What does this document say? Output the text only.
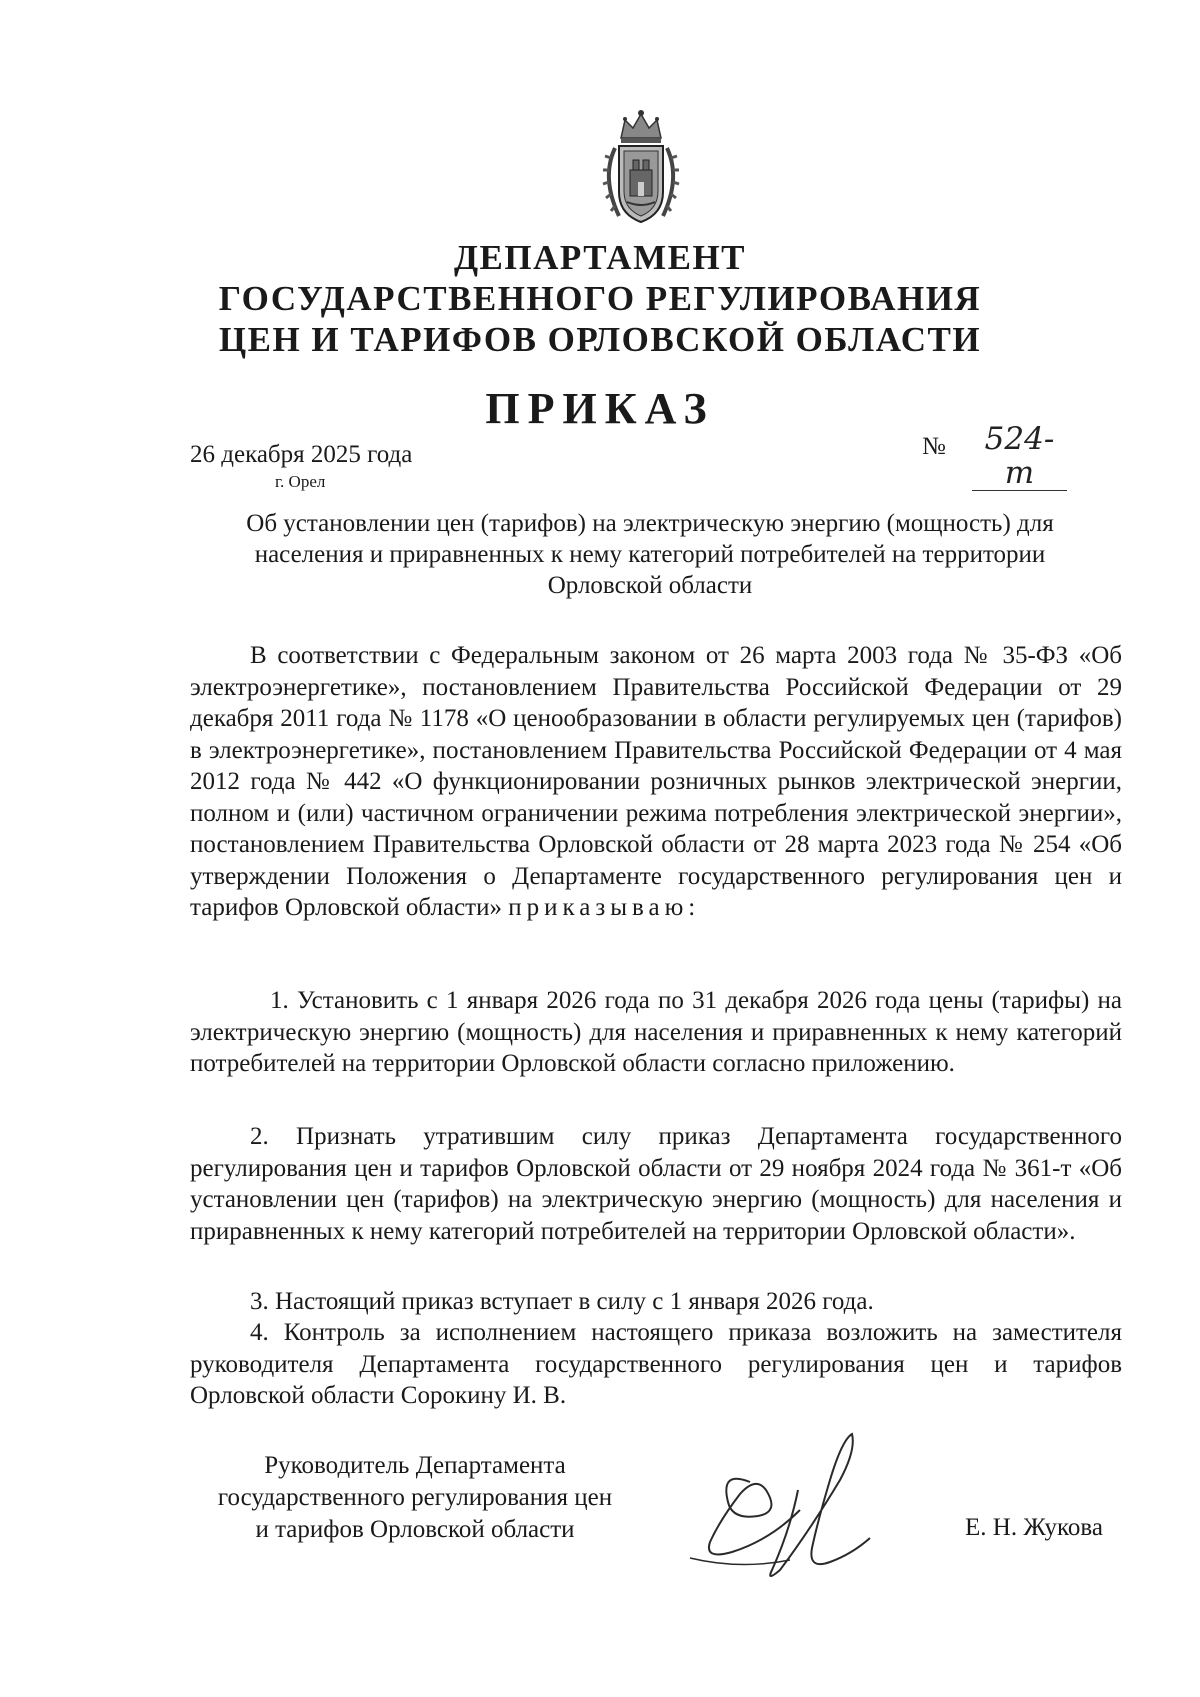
ДЕПАРТАМЕНТ
ГОСУДАРСТВЕННОГО РЕГУЛИРОВАНИЯ
ЦЕН И ТАРИФОВ ОРЛОВСКОЙ ОБЛАСТИ
ПРИКАЗ
26 декабря 2025 года
г. Орел
№	524-т
Об установлении цен (тарифов) на электрическую энергию (мощность) для
населения и приравненных к нему категорий потребителей на территории
Орловской области

В соответствии с Федеральным законом от 26 марта 2003 года № 35-ФЗ «Об электроэнергетике», постановлением Правительства Российской Федерации от 29 декабря 2011 года № 1178 «О ценообразовании в области регулируемых цен (тарифов) в электроэнергетике», постановлением Правительства Российской Федерации от 4 мая 2012 года № 442 «О функционировании розничных рынков электрической энергии, полном и (или) частичном ограничении режима потребления электрической энергии», постановлением Правительства Орловской области от 28 марта 2023 года № 254 «Об утверждении Положения о Департаменте государственного регулирования цен и тарифов Орловской области» приказываю:

1. Установить с 1 января 2026 года по 31 декабря 2026 года цены (тарифы) на электрическую энергию (мощность) для населения и приравненных к нему категорий потребителей на территории Орловской области согласно приложению.

2. Признать утратившим силу приказ Департамента государственного регулирования цен и тарифов Орловской области от 29 ноября 2024 года № 361-т «Об установлении цен (тарифов) на электрическую энергию (мощность) для населения и приравненных к нему категорий потребителей на территории Орловской области».

3. Настоящий приказ вступает в силу с 1 января 2026 года.

4. Контроль за исполнением настоящего приказа возложить на заместителя руководителя Департамента государственного регулирования цен и тарифов Орловской области Сорокину И. В.

Руководитель Департамента
государственного регулирования цен
и тарифов Орловской области	Е. Н. Жукова
